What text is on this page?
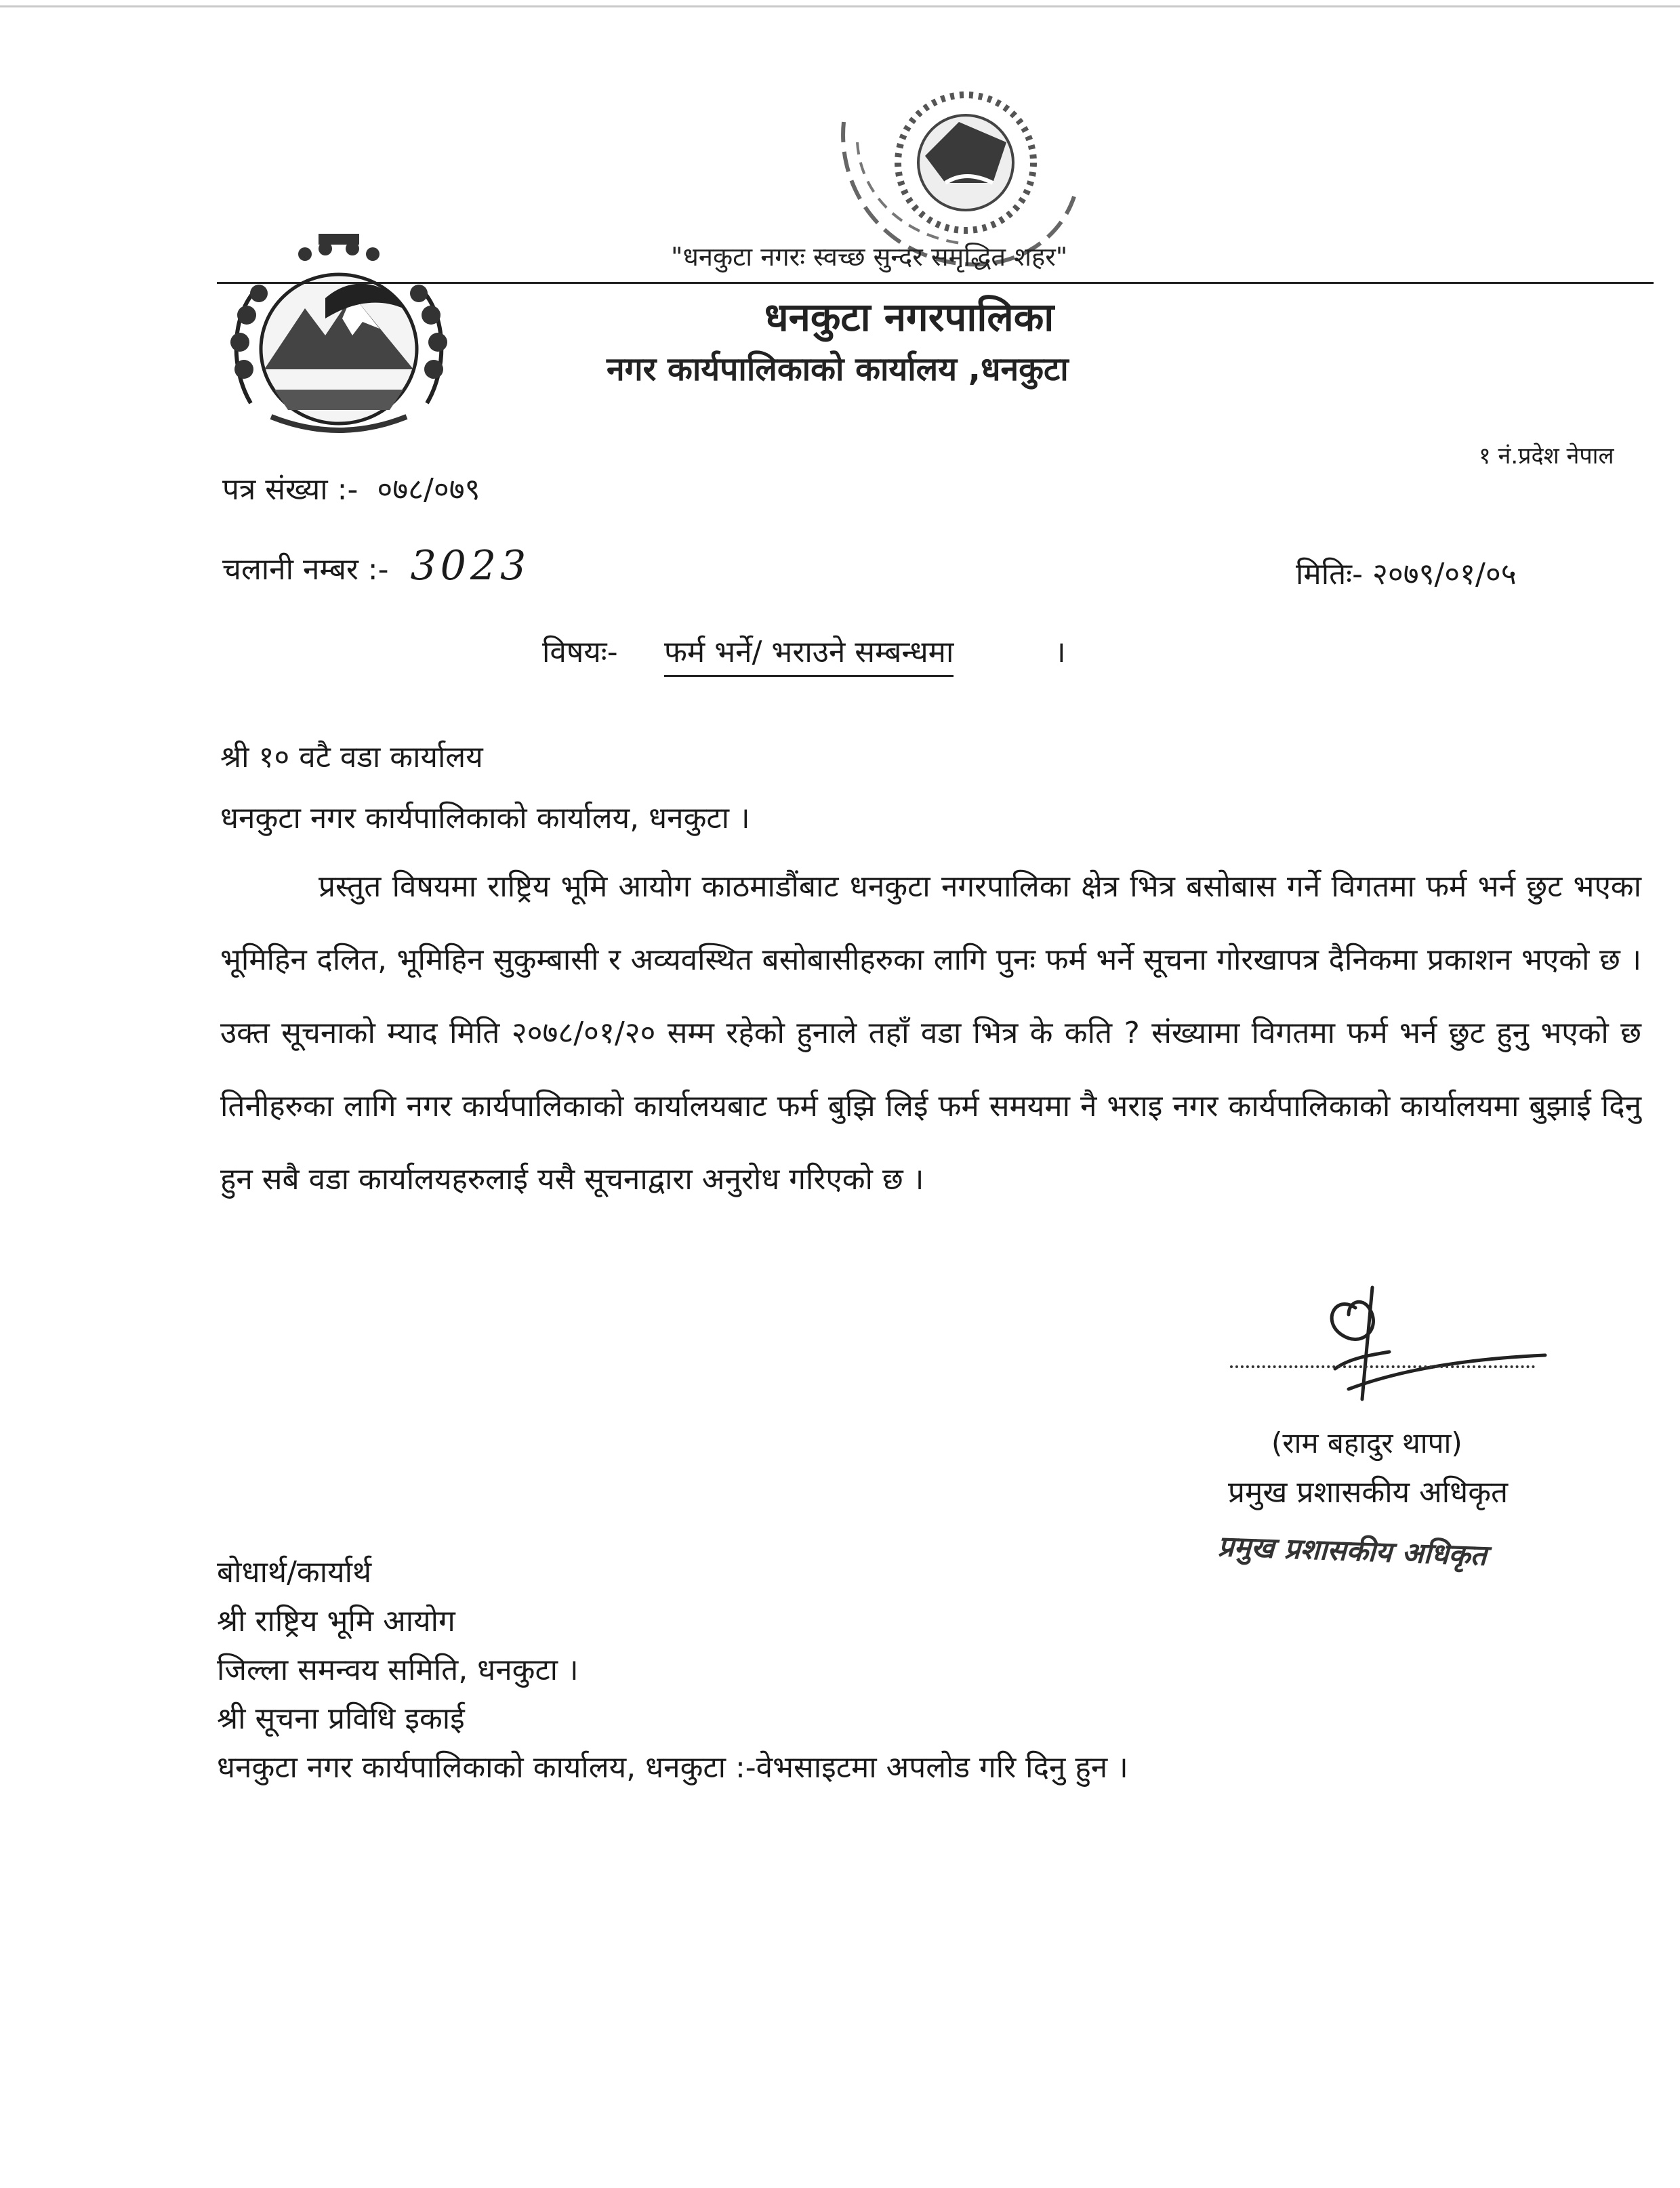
"धनकुटा नगरः स्वच्छ सुन्दर समृद्धित शहर"
धनकुटा नगरपालिका
नगर कार्यपालिकाको कार्यालय ,धनकुटा
१ नं.प्रदेश नेपाल
पत्र संख्या :- ०७८/०७९
चलानी नम्बर :- 3023	मितिः- २०७९/०१/०५
विषयः- फर्म भर्ने/ भराउने सम्बन्धमा	।
श्री १० वटै वडा कार्यालय
धनकुटा नगर कार्यपालिकाको कार्यालय, धनकुटा ।
प्रस्तुत विषयमा राष्ट्रिय भूमि आयोग काठमाडौंबाट धनकुटा नगरपालिका क्षेत्र भित्र बसोबास गर्ने विगतमा फर्म भर्न छुट भएका भूमिहिन दलित, भूमिहिन सुकुम्बासी र अव्यवस्थित बसोबासीहरुका लागि पुनः फर्म भर्ने सूचना गोरखापत्र दैनिकमा प्रकाशन भएको छ । उक्त सूचनाको म्याद मिति २०७८/०१/२० सम्म रहेको हुनाले तहाँ वडा भित्र के कति ? संख्यामा विगतमा फर्म भर्न छुट हुनु भएको छ तिनीहरुका लागि नगर कार्यपालिकाको कार्यालयबाट फर्म बुझि लिई फर्म समयमा नै भराइ नगर कार्यपालिकाको कार्यालयमा बुझाई दिनु हुन सबै वडा कार्यालयहरुलाई यसै सूचनाद्वारा अनुरोध गरिएको छ ।
(राम बहादुर थापा)
प्रमुख प्रशासकीय अधिकृत
प्रमुख प्रशासकीय अधिकृत
बोधार्थ/कार्यार्थ
श्री राष्ट्रिय भूमि आयोग
जिल्ला समन्वय समिति, धनकुटा ।
श्री सूचना प्रविधि इकाई
धनकुटा नगर कार्यपालिकाको कार्यालय, धनकुटा :-वेभसाइटमा अपलोड गरि दिनु हुन ।
